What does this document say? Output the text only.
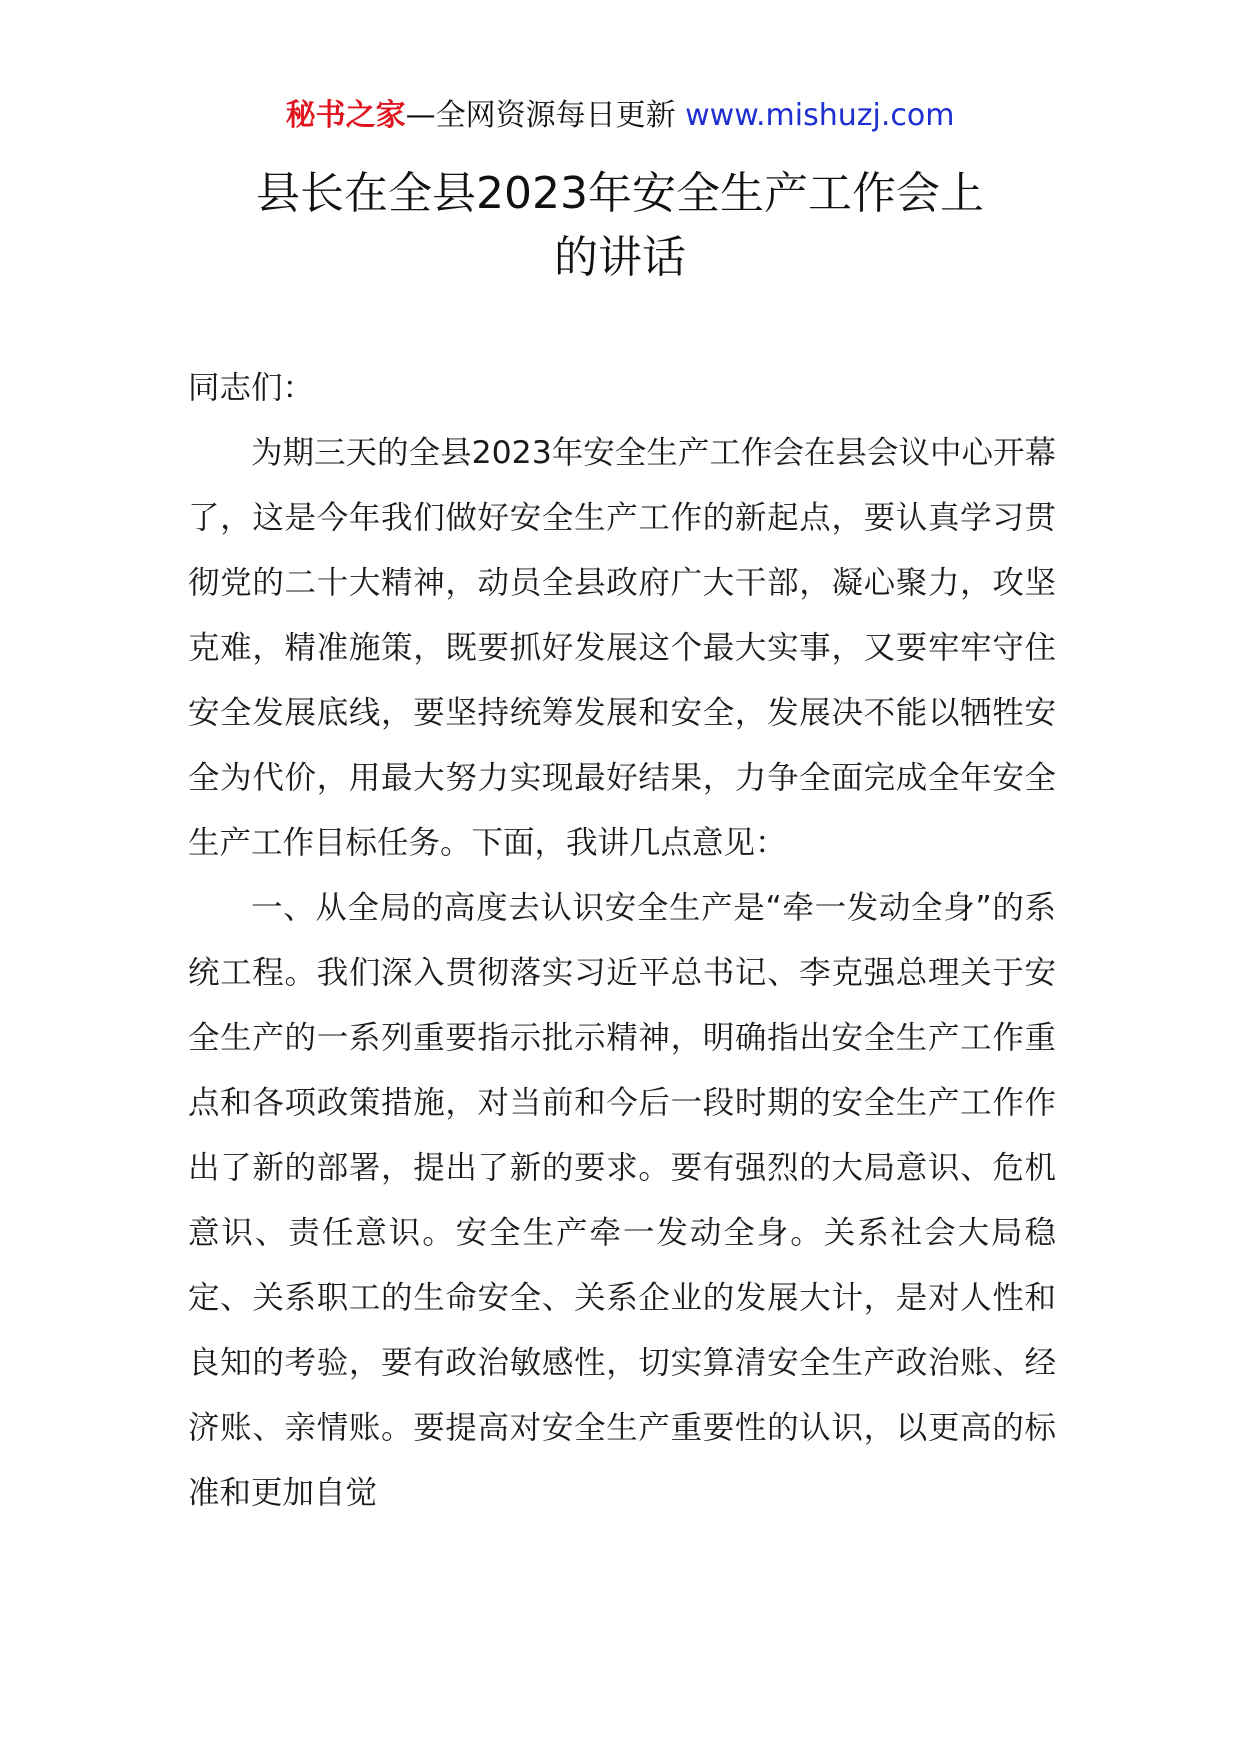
秘书之家—全网资源每日更新 www.mishuzj.com
县长在全县2023年安全生产工作会上
的讲话

同志们：

为期三天的全县2023年安全生产工作会在县会议中心开幕了，这是今年我们做好安全生产工作的新起点，要认真学习贯彻党的二十大精神，动员全县政府广大干部，凝心聚力，攻坚克难，精准施策，既要抓好发展这个最大实事，又要牢牢守住安全发展底线，要坚持统筹发展和安全，发展决不能以牺牲安全为代价，用最大努力实现最好结果，力争全面完成全年安全生产工作目标任务。下面，我讲几点意见：

一、从全局的高度去认识安全生产是“牵一发动全身”的系统工程。我们深入贯彻落实习近平总书记、李克强总理关于安全生产的一系列重要指示批示精神，明确指出安全生产工作重点和各项政策措施，对当前和今后一段时期的安全生产工作作出了新的部署，提出了新的要求。要有强烈的大局意识、危机意识、责任意识。安全生产牵一发动全身。关系社会大局稳定、关系职工的生命安全、关系企业的发展大计，是对人性和良知的考验，要有政治敏感性，切实算清安全生产政治账、经济账、亲情账。要提高对安全生产重要性的认识，以更高的标准和更加自觉
